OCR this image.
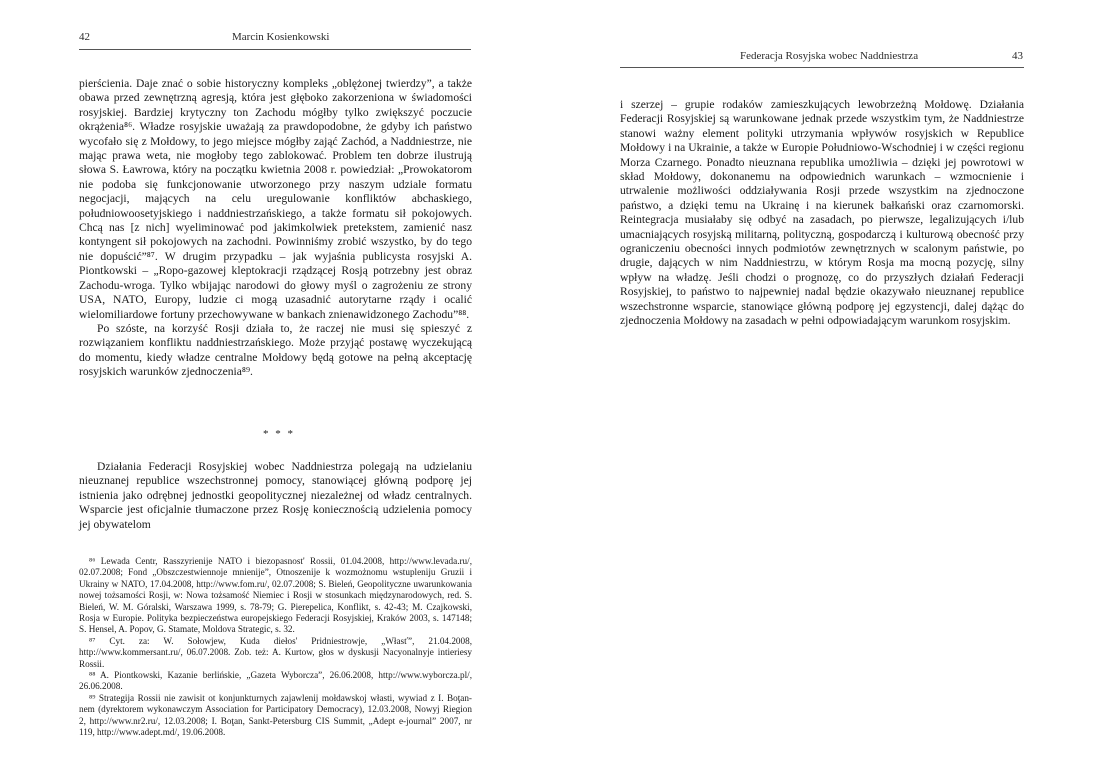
42	Marcin Kosienkowski

pierścienia. Daje znać o sobie historyczny kompleks „oblężonej twierdzy”, a także obawa przed zewnętrzną agresją, która jest głęboko zakorzeniona w świadomości rosyjskiej. Bardziej krytyczny ton Zachodu mógłby tylko zwiększyć poczucie okrążenia⁸⁶. Władze rosyjskie uważają za prawdopodobne, że gdyby ich państwo wycofało się z Mołdowy, to jego miejsce mógłby zająć Zachód, a Naddniestrze, nie mając prawa weta, nie mogłoby tego zablokować. Problem ten dobrze ilustrują słowa S. Ławrowa, który na początku kwietnia 2008 r. powiedział: „Prowokatorom nie podoba się funkcjonowanie utworzonego przy naszym udziale formatu negocjacji, mających na celu uregulowanie konfliktów abchaskiego, południowoosetyjskiego i naddniestrzańskiego, a także formatu sił pokojowych. Chcą nas [z nich] wyeliminować pod jakimkolwiek pretekstem, zamienić nasz kontyngent sił pokojowych na zachodni. Powinniśmy zrobić wszystko, by do tego nie dopuścić”⁸⁷. W drugim przypadku – jak wyjaśnia publicysta rosyjski A. Piontkowski – „Ropo-gazowej kleptokracji rządzącej Rosją potrzebny jest obraz Zachodu-wroga. Tylko wbijając narodowi do głowy myśl o zagrożeniu ze strony USA, NATO, Europy, ludzie ci mogą uzasadnić autorytarne rządy i ocalić wielomiliardowe fortuny przechowywane w bankach znienawidzonego Zachodu”⁸⁸.

Po szóste, na korzyść Rosji działa to, że raczej nie musi się spieszyć z rozwiązaniem konfliktu naddniestrzańskiego. Może przyjąć postawę wyczekującą do momentu, kiedy władze centralne Mołdowy będą gotowe na pełną akceptację rosyjskich warunków zjednoczenia⁸⁹.

* * *

Działania Federacji Rosyjskiej wobec Naddniestrza polegają na udzielaniu nieuznanej republice wszechstronnej pomocy, stanowiącej główną podporę jej istnienia jako odrębnej jednostki geopolitycznej niezależnej od władz centralnych. Wsparcie jest oficjalnie tłumaczone przez Rosję koniecznością udzielenia pomocy jej obywatelom

⁸⁶ Lewada Centr, Rasszyrienije NATO i biezopasnost' Rossii, 01.04.2008, http://www.levada.ru/, 02.07.2008; Fond „Obszczestwiennoje mnienije”, Otnoszenije k wozmożnomu wstupleniju Gruzii i Ukrainy w NATO, 17.04.2008, http://www.fom.ru/, 02.07.2008; S. Bieleń, Geopolityczne uwarunkowania nowej tożsamości Rosji, w: Nowa tożsamość Niemiec i Rosji w stosunkach międzynarodowych, red. S. Bieleń, W. M. Góralski, Warszawa 1999, s. 78-79; G. Pierepelica, Konflikt, s. 42-43; M. Czajkowski, Rosja w Europie. Polityka bezpieczeństwa europejskiego Federacji Rosyjskiej, Kraków 2003, s. 147148; S. Hensel, A. Popov, G. Stamate, Moldova Strategic, s. 32.

⁸⁷ Cyt. za: W. Sołowjew, Kuda diełos' Pridniestrowje, „Własť”, 21.04.2008, http://www.kommersant.ru/, 06.07.2008. Zob. też: A. Kurtow, głos w dyskusji Nacyonalnyje intieriesy Rossii.

⁸⁸ A. Piontkowski, Kazanie berlińskie, „Gazeta Wyborcza”, 26.06.2008, http://www.wyborcza.pl/, 26.06.2008.

⁸⁹ Strategija Rossii nie zawisit ot konjunkturnych zajawlenij mołdawskoj własti, wywiad z I. Boţan-nem (dyrektorem wykonawczym Association for Participatory Democracy), 12.03.2008, Nowyj Riegion 2, http://www.nr2.ru/, 12.03.2008; I. Boţan, Sankt-Petersburg CIS Summit, „Adept e-journal” 2007, nr 119, http://www.adept.md/, 19.06.2008.

Federacja Rosyjska wobec Naddniestrza	43

i szerzej – grupie rodaków zamieszkujących lewobrzeżną Mołdowę. Działania Federacji Rosyjskiej są warunkowane jednak przede wszystkim tym, że Naddniestrze stanowi ważny element polityki utrzymania wpływów rosyjskich w Republice Mołdowy i na Ukrainie, a także w Europie Południowo-Wschodniej i w części regionu Morza Czarnego. Ponadto nieuznana republika umożliwia – dzięki jej powrotowi w skład Mołdowy, dokonanemu na odpowiednich warunkach – wzmocnienie i utrwalenie możliwości oddziaływania Rosji przede wszystkim na zjednoczone państwo, a dzięki temu na Ukrainę i na kierunek bałkański oraz czarnomorski. Reintegracja musiałaby się odbyć na zasadach, po pierwsze, legalizujących i/lub umacniających rosyjską militarną, polityczną, gospodarczą i kulturową obecność przy ograniczeniu obecności innych podmiotów zewnętrznych w scalonym państwie, po drugie, dających w nim Naddniestrzu, w którym Rosja ma mocną pozycję, silny wpływ na władzę. Jeśli chodzi o prognozę, co do przyszłych działań Federacji Rosyjskiej, to państwo to najpewniej nadal będzie okazywało nieuznanej republice wszechstronne wsparcie, stanowiące główną podporę jej egzystencji, dalej dążąc do zjednoczenia Mołdowy na zasadach w pełni odpowiadającym warunkom rosyjskim.
